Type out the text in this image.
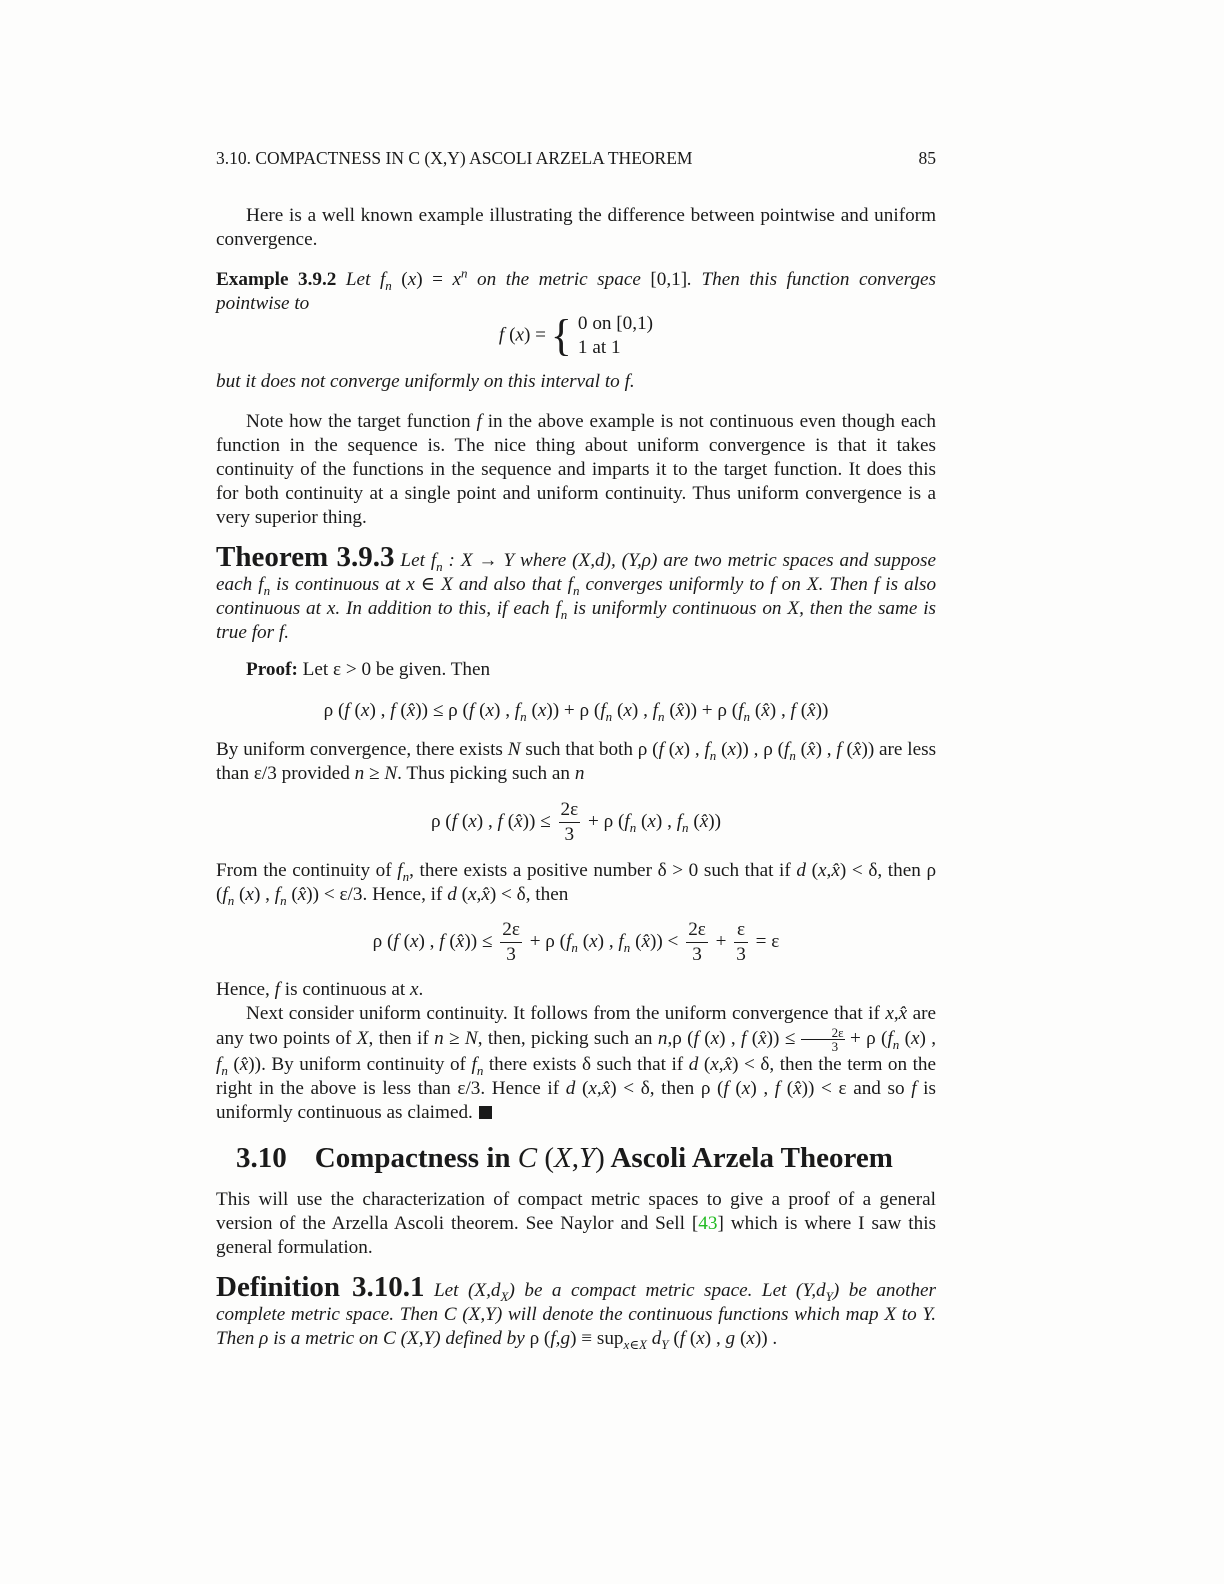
3.10. COMPACTNESS IN C (X,Y) ASCOLI ARZELA THEOREM	85

Here is a well known example illustrating the difference between pointwise and uniform convergence.

Example 3.9.2 Let $f_n$ $(x) = x^n$ on the metric space [0,1]. Then this function converges pointwise to

f (x) = { 0 on [0,1)
1 at 1

but it does not converge uniformly on this interval to f.

Note how the target function f in the above example is not continuous even though each function in the sequence is. The nice thing about uniform convergence is that it takes continuity of the functions in the sequence and imparts it to the target function. It does this for both continuity at a single point and uniform continuity. Thus uniform convergence is a very superior thing.

Theorem 3.9.3 Let $f_n$ : X → Y where (X,d), (Y,ρ) are two metric spaces and suppose each $f_n$ is continuous at x ∈ X and also that $f_n$ converges uniformly to f on X. Then f is also continuous at x. In addition to this, if each $f_n$ is uniformly continuous on X, then the same is true for f.

Proof: Let ε > 0 be given. Then

ρ (f (x) , f (x̂)) ≤ ρ (f (x) , $f_n$ (x)) + ρ ($f_n$ (x) , $f_n$ (x̂)) + ρ ($f_n$ (x̂) , f (x̂))

By uniform convergence, there exists N such that both ρ (f (x) , $f_n$ (x)) , ρ ($f_n$ (x̂) , f (x̂)) are less than ε/3 provided n ≥ N. Thus picking such an n

ρ (f (x) , f (x̂)) ≤ $\frac{2\varepsilon}{3} + \rho$ ($f_n$ (x) , $f_n$ (x̂))

From the continuity of $f_n$, there exists a positive number δ > 0 such that if d (x,x̂) < δ, then ρ ($f_n$ (x) , $f_n$ (x̂)) < ε/3. Hence, if d (x,x̂) < δ, then

ρ (f (x) , f (x̂)) ≤ $\frac{2\varepsilon}{3} + \rho$ ($f_n$ (x) , $f_n$ (x̂)) < $\frac{2\varepsilon}{3} + \frac{\varepsilon}{3} = \varepsilon$

Hence, f is continuous at x.

Next consider uniform continuity. It follows from the uniform convergence that if x,x̂ are any two points of X, then if n ≥ N, then, picking such an n,ρ (f (x) , f (x̂)) ≤ $\frac{2\varepsilon}{3} + \rho$ ($f_n$ (x) , $f_n$ (x̂)). By uniform continuity of $f_n$ there exists δ such that if d (x,x̂) < δ, then the term on the right in the above is less than ε/3. Hence if d (x,x̂) < δ, then ρ (f (x) , f (x̂)) < ε and so f is uniformly continuous as claimed.

3.10 Compactness in C (X,Y) Ascoli Arzela Theorem

This will use the characterization of compact metric spaces to give a proof of a general version of the Arzella Ascoli theorem. See Naylor and Sell [43] which is where I saw this general formulation.

Definition 3.10.1 Let $(X,d_X)$ be a compact metric space. Let $(Y,d_Y)$ be another complete metric space. Then C (X,Y) will denote the continuous functions which map X to Y. Then ρ is a metric on C (X,Y) defined by ρ (f,g) ≡ sup$_{x\in X}$ $d_Y$ (f (x) , g (x)) .
